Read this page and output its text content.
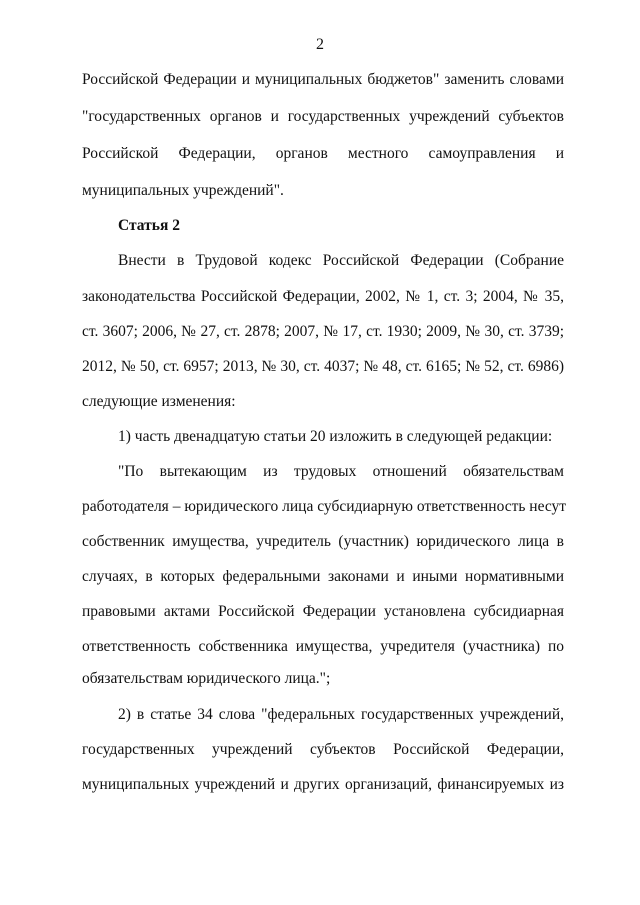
2
Российской Федерации и муниципальных бюджетов" заменить словами
"государственных органов и государственных учреждений субъектов
Российской Федерации, органов местного самоуправления и
муниципальных учреждений".
Статья 2
Внести в Трудовой кодекс Российской Федерации (Собрание
законодательства Российской Федерации, 2002, № 1, ст. 3; 2004, № 35,
ст. 3607; 2006, № 27, ст. 2878; 2007, № 17, ст. 1930; 2009, № 30, ст. 3739;
2012, № 50, ст. 6957; 2013, № 30, ст. 4037; № 48, ст. 6165; № 52, ст. 6986)
следующие изменения:
1) часть двенадцатую статьи 20 изложить в следующей редакции:
"По вытекающим из трудовых отношений обязательствам
работодателя – юридического лица субсидиарную ответственность несут
собственник имущества, учредитель (участник) юридического лица в
случаях, в которых федеральными законами и иными нормативными
правовыми актами Российской Федерации установлена субсидиарная
ответственность собственника имущества, учредителя (участника) по
обязательствам юридического лица.";
2) в статье 34 слова "федеральных государственных учреждений,
государственных учреждений субъектов Российской Федерации,
муниципальных учреждений и других организаций, финансируемых из
